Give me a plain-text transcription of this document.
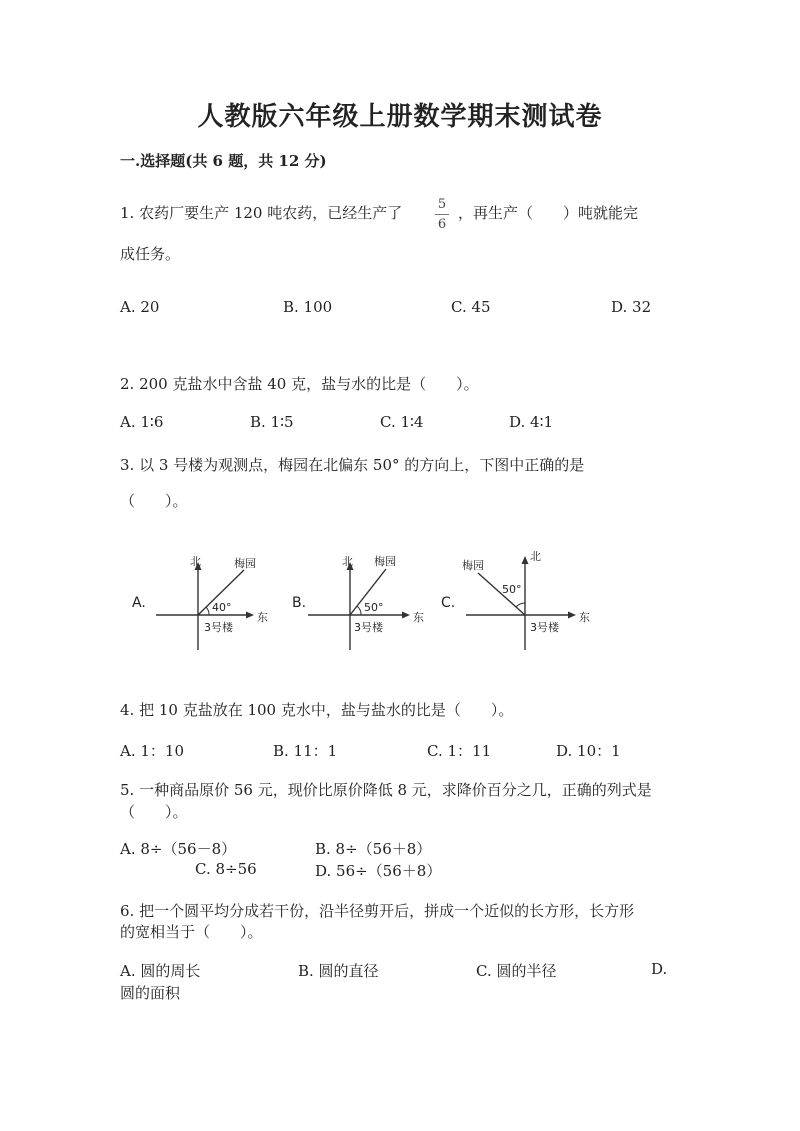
人教版六年级上册数学期末测试卷
一.选择题(共 6 题，共 12 分)
1. 农药厂要生产 120 吨农药，已经生产了	5
6
，再生产（　　）吨就能完
成任务。
A. 20	B. 100	C. 45	D. 32
2. 200 克盐水中含盐 40 克，盐与水的比是（　　）。
A. 1∶6	B. 1∶5	C. 1∶4	D. 4∶1
3. 以 3 号楼为观测点，梅园在北偏东 50° 的方向上，下图中正确的是
（　　）。
A.
北
东
梅园
40°
3号楼
B.
北
东
梅园
50°
3号楼
C.
北
东
梅园
50°
3号楼
4. 把 10 克盐放在 100 克水中，盐与盐水的比是（　　）。
A. 1：10	B. 11：1	C. 1：11	D. 10：1
5. 一种商品原价 56 元，现价比原价降低 8 元，求降价百分之几，正确的列式是
（　　）。
A. 8÷（56－8）	B. 8÷（56＋8）
C. 8÷56	D. 56÷（56＋8）
6. 把一个圆平均分成若干份，沿半径剪开后，拼成一个近似的长方形，长方形
的宽相当于（　　）。
A. 圆的周长	B. 圆的直径	C. 圆的半径	D.
圆的面积
